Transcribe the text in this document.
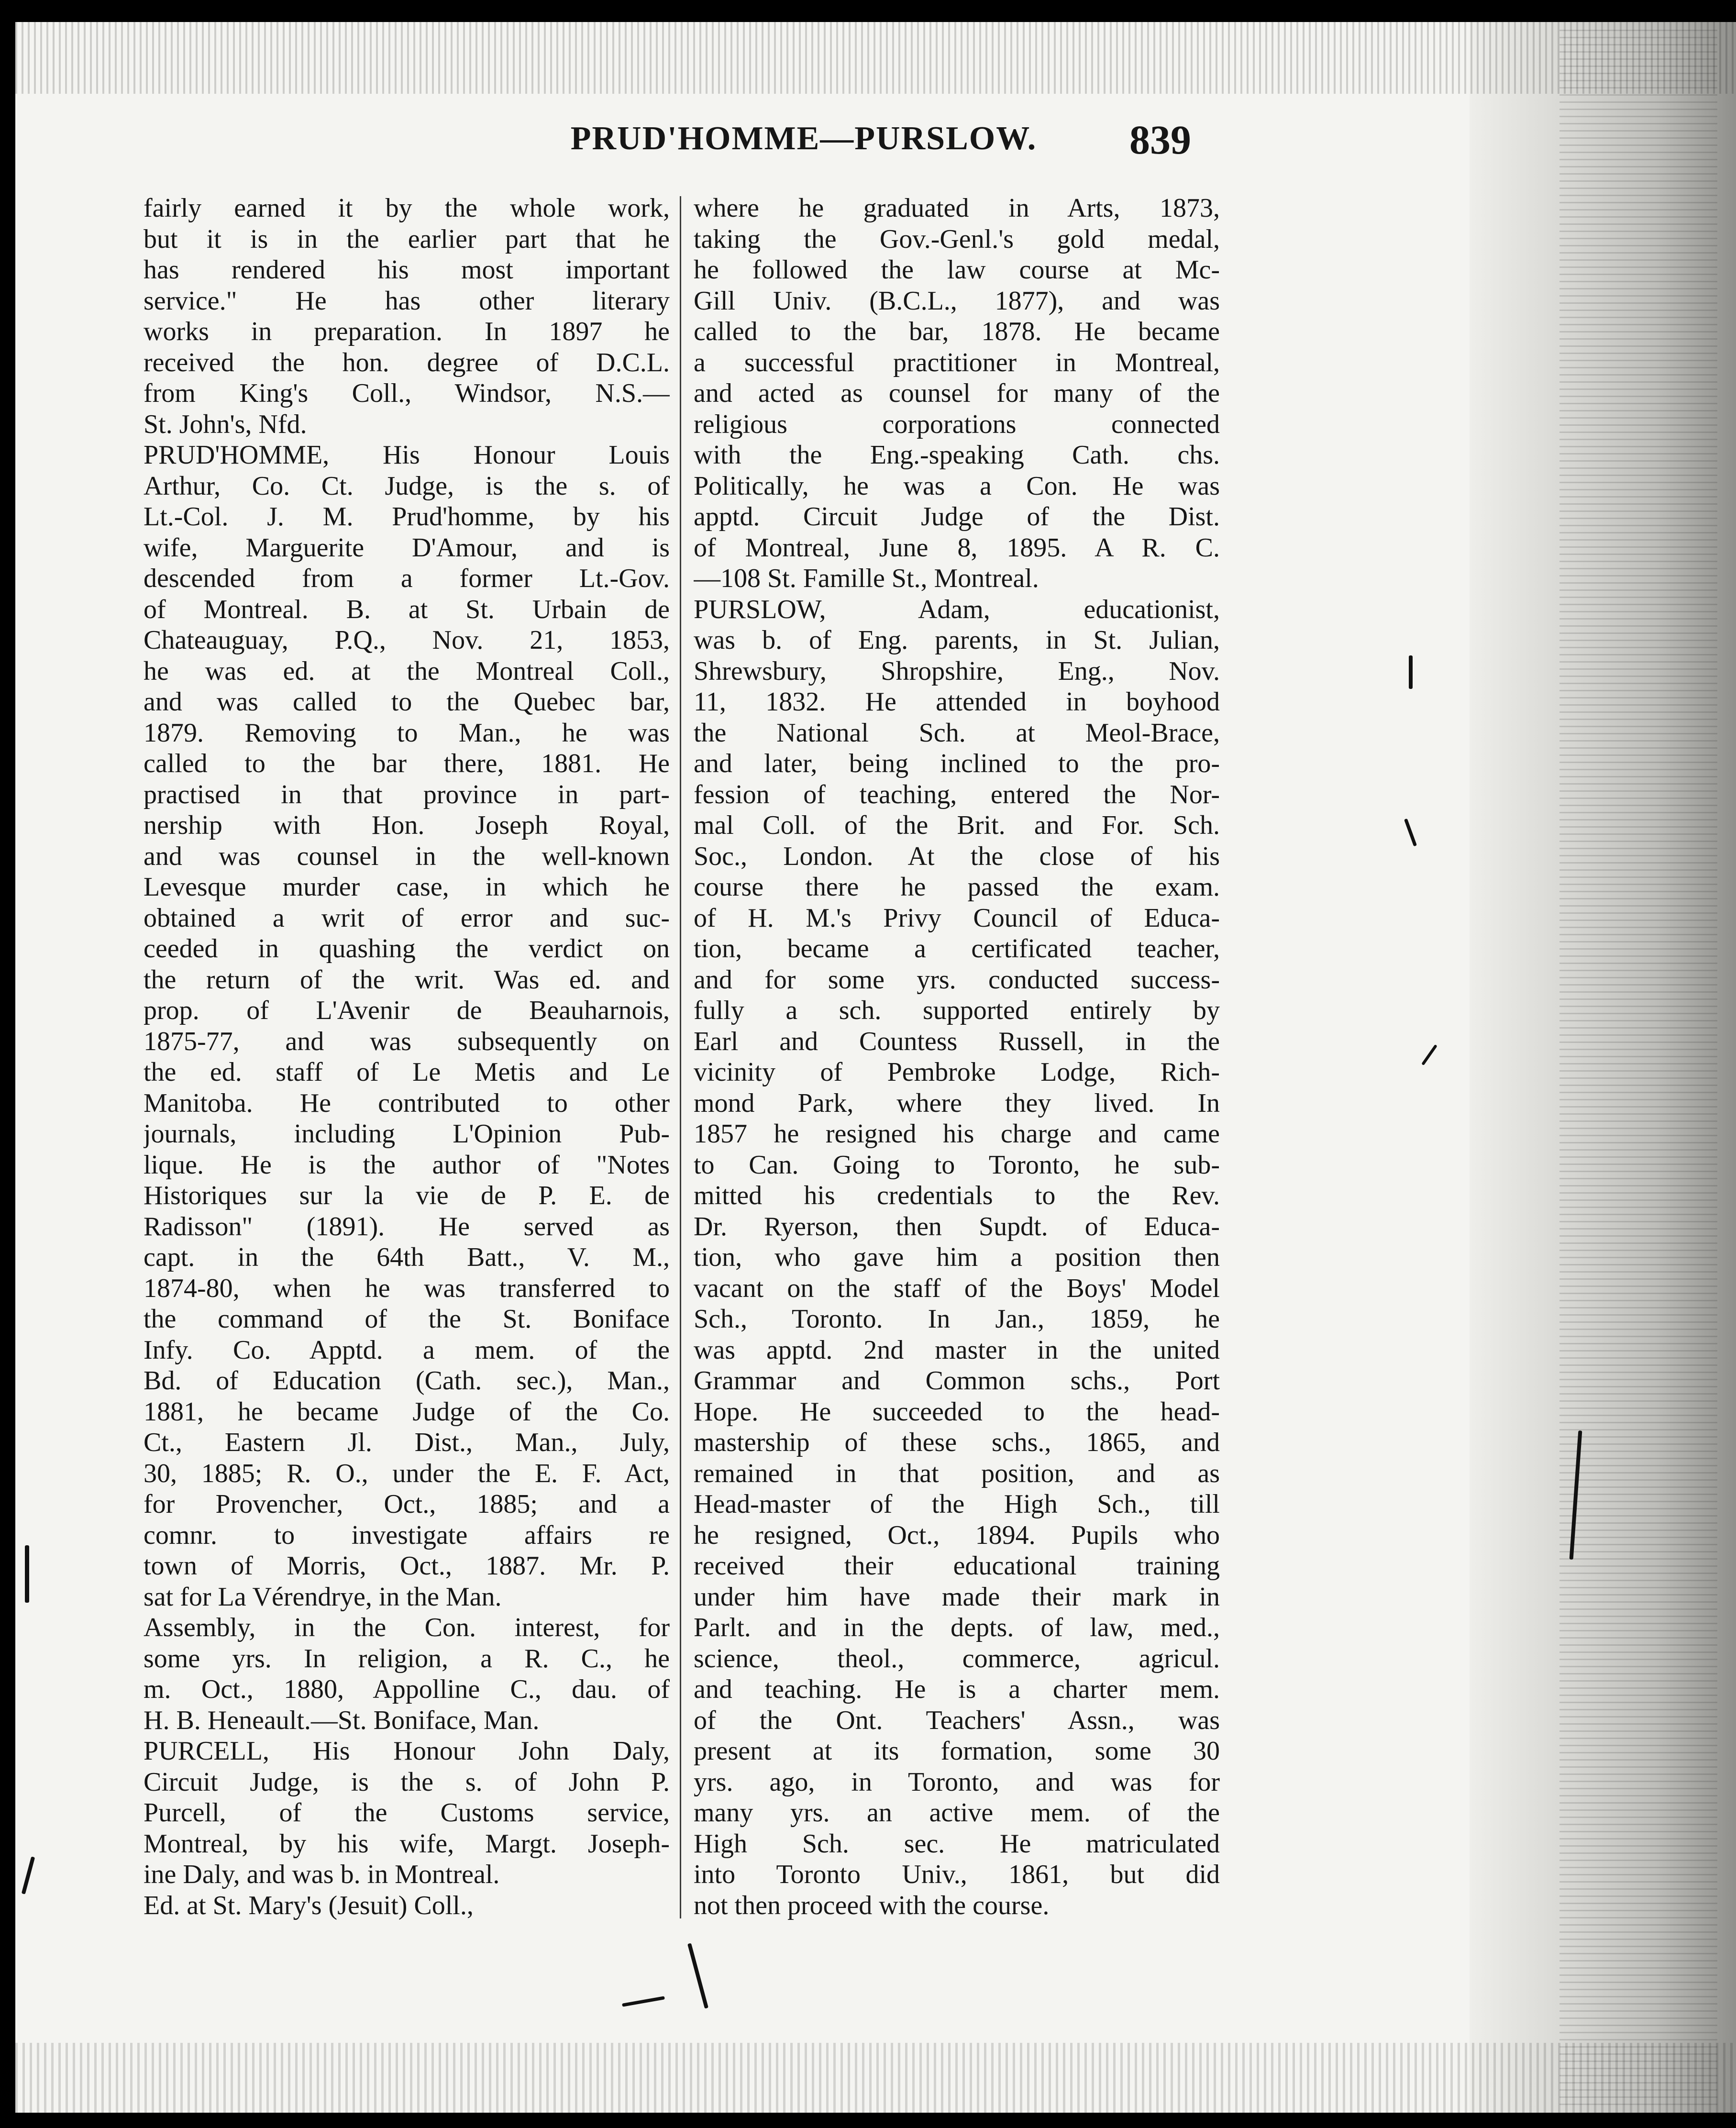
PRUD'HOMME—PURSLOW.	839
fairly earned it by the whole work,
but it is in the earlier part that he
has rendered his most important
service." He has other literary
works in preparation. In 1897 he
received the hon. degree of D.C.L.
from King's Coll., Windsor, N.S.—
St. John's, Nfd.
PRUD'HOMME, His Honour Louis
Arthur, Co. Ct. Judge, is the s. of
Lt.-Col. J. M. Prud'homme, by his
wife, Marguerite D'Amour, and is
descended from a former Lt.-Gov.
of Montreal. B. at St. Urbain de
Chateauguay, P.Q., Nov. 21, 1853,
he was ed. at the Montreal Coll.,
and was called to the Quebec bar,
1879. Removing to Man., he was
called to the bar there, 1881. He
practised in that province in part-
nership with Hon. Joseph Royal,
and was counsel in the well-known
Levesque murder case, in which he
obtained a writ of error and suc-
ceeded in quashing the verdict on
the return of the writ. Was ed. and
prop. of L'Avenir de Beauharnois,
1875-77, and was subsequently on
the ed. staff of Le Metis and Le
Manitoba. He contributed to other
journals, including L'Opinion Pub-
lique. He is the author of "Notes
Historiques sur la vie de P. E. de
Radisson" (1891). He served as
capt. in the 64th Batt., V. M.,
1874-80, when he was transferred to
the command of the St. Boniface
Infy. Co. Apptd. a mem. of the
Bd. of Education (Cath. sec.), Man.,
1881, he became Judge of the Co.
Ct., Eastern Jl. Dist., Man., July,
30, 1885; R. O., under the E. F. Act,
for Provencher, Oct., 1885; and a
comnr. to investigate affairs re
town of Morris, Oct., 1887. Mr. P.
sat for La Vérendrye, in the Man.
Assembly, in the Con. interest, for
some yrs. In religion, a R. C., he
m. Oct., 1880, Appolline C., dau. of
H. B. Heneault.—St. Boniface, Man.
PURCELL, His Honour John Daly,
Circuit Judge, is the s. of John P.
Purcell, of the Customs service,
Montreal, by his wife, Margt. Joseph-
ine Daly, and was b. in Montreal.
Ed. at St. Mary's (Jesuit) Coll.,
where he graduated in Arts, 1873,
taking the Gov.-Genl.'s gold medal,
he followed the law course at Mc-
Gill Univ. (B.C.L., 1877), and was
called to the bar, 1878. He became
a successful practitioner in Montreal,
and acted as counsel for many of the
religious corporations connected
with the Eng.-speaking Cath. chs.
Politically, he was a Con. He was
apptd. Circuit Judge of the Dist.
of Montreal, June 8, 1895. A R. C.
—108 St. Famille St., Montreal.
PURSLOW, Adam, educationist,
was b. of Eng. parents, in St. Julian,
Shrewsbury, Shropshire, Eng., Nov.
11, 1832. He attended in boyhood
the National Sch. at Meol-Brace,
and later, being inclined to the pro-
fession of teaching, entered the Nor-
mal Coll. of the Brit. and For. Sch.
Soc., London. At the close of his
course there he passed the exam.
of H. M.'s Privy Council of Educa-
tion, became a certificated teacher,
and for some yrs. conducted success-
fully a sch. supported entirely by
Earl and Countess Russell, in the
vicinity of Pembroke Lodge, Rich-
mond Park, where they lived. In
1857 he resigned his charge and came
to Can. Going to Toronto, he sub-
mitted his credentials to the Rev.
Dr. Ryerson, then Supdt. of Educa-
tion, who gave him a position then
vacant on the staff of the Boys' Model
Sch., Toronto. In Jan., 1859, he
was apptd. 2nd master in the united
Grammar and Common schs., Port
Hope. He succeeded to the head-
mastership of these schs., 1865, and
remained in that position, and as
Head-master of the High Sch., till
he resigned, Oct., 1894. Pupils who
received their educational training
under him have made their mark in
Parlt. and in the depts. of law, med.,
science, theol., commerce, agricul.
and teaching. He is a charter mem.
of the Ont. Teachers' Assn., was
present at its formation, some 30
yrs. ago, in Toronto, and was for
many yrs. an active mem. of the
High Sch. sec. He matriculated
into Toronto Univ., 1861, but did
not then proceed with the course.
